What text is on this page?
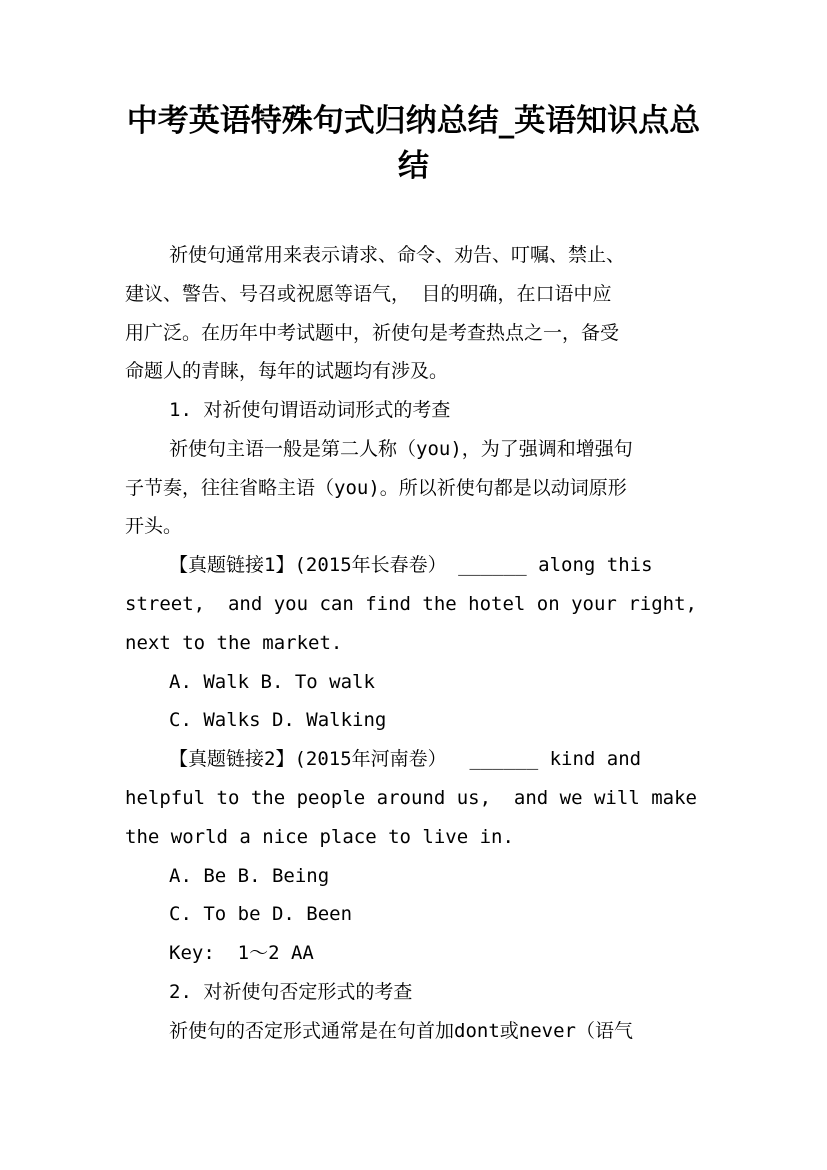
中考英语特殊句式归纳总结_英语知识点总
结

祈使句通常用来表示请求、命令、劝告、叮嘱、禁止、

建议、警告、号召或祝愿等语气， 目的明确，在口语中应

用广泛。在历年中考试题中，祈使句是考查热点之一，备受

命题人的青睐，每年的试题均有涉及。

1. 对祈使句谓语动词形式的考查

祈使句主语一般是第二人称（you)，为了强调和增强句

子节奏，往往省略主语（you)。所以祈使句都是以动词原形

开头。

【真题链接1】(2015年长春卷） ______ along this

street,  and you can find the hotel on your right,

next to the market.

A. Walk B. To walk

C. Walks D. Walking

【真题链接2】(2015年河南卷）  ______ kind and

helpful to the people around us,  and we will make

the world a nice place to live in.

A. Be B. Being

C. To be D. Been

Key:  1～2 AA

2. 对祈使句否定形式的考查

祈使句的否定形式通常是在句首加dont或never（语气
